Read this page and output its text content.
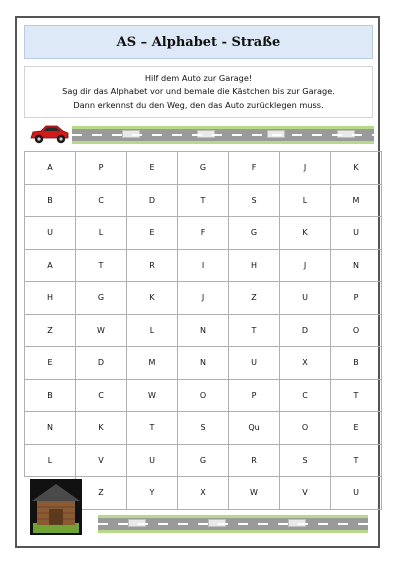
AS – Alphabet - Straße
Hilf dem Auto zur Garage!
Sag dir das Alphabet vor und bemale die Kästchen bis zur Garage.
Dann erkennst du den Weg, den das Auto zurücklegen muss.
A	P	E	G	F	J	K
B	C	D	T	S	L	M
U	L	E	F	G	K	U
A	T	R	I	H	J	N
H	G	K	J	Z	U	P
Z	W	L	N	T	D	O
E	D	M	N	U	X	B
B	C	W	O	P	C	T
N	K	T	S	Qu	O	E
L	V	U	G	R	S	T
	Z	Y	X	W	V	U
